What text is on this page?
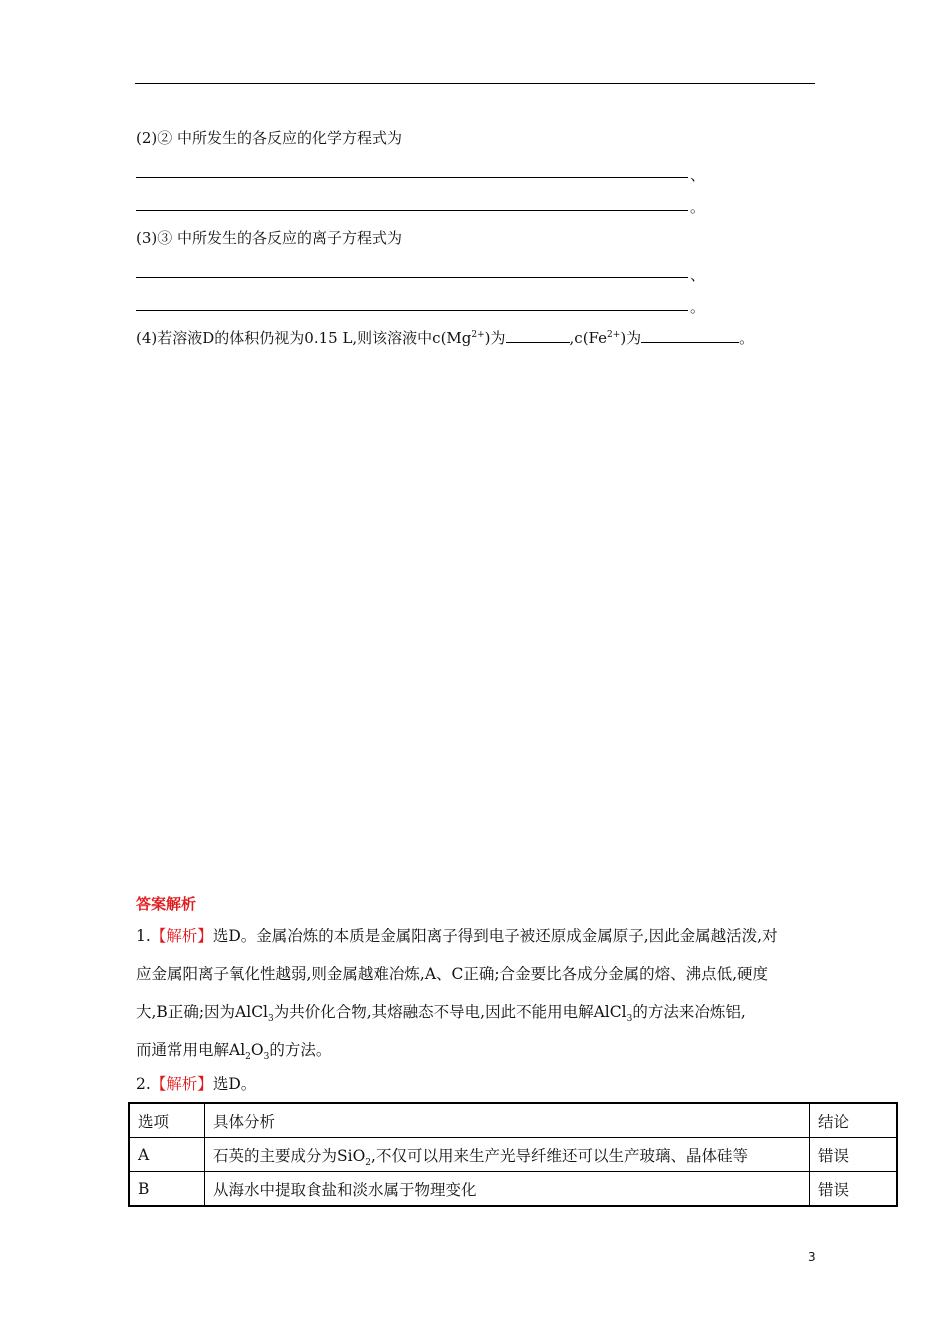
(2)② 中所发生的各反应的化学方程式为
、
。
(3)③ 中所发生的各反应的离子方程式为
、
。
(4)若溶液D的体积仍视为0.15 L,则该溶液中$c(Mg^{2+})$为	$,c(Fe^{2+})$为	。
答案解析
1.【解析】选D。金属冶炼的本质是金属阳离子得到电子被还原成金属原子,因此金属越活泼,对
应金属阳离子氧化性越弱,则金属越难冶炼,A、C正确;合金要比各成分金属的熔、沸点低,硬度
大,B正确;因为AlCl$_3$为共价化合物,其熔融态不导电,因此不能用电解AlCl$_3$的方法来冶炼铝,
而通常用电解$Al_2O_3$的方法。
2.【解析】选D。
选项	具体分析	结论
A	石英的主要成分为SiO$_2$,不仅可以用来生产光导纤维还可以生产玻璃、晶体硅等	错误
B	从海水中提取食盐和淡水属于物理变化	错误
3
